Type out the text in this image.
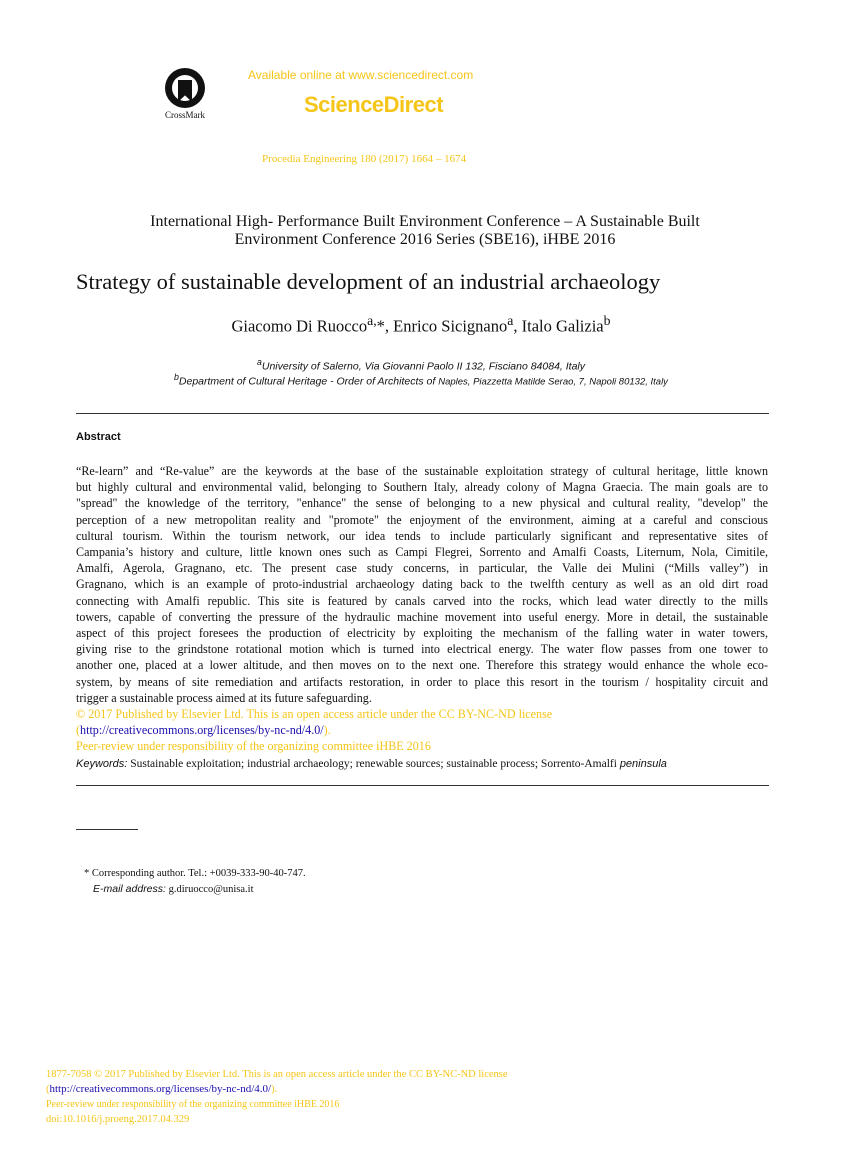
CrossMark
Available online at www.sciencedirect.com
ScienceDirect
Procedia Engineering 180 (2017) 1664 – 1674
International High- Performance Built Environment Conference – A Sustainable Built
Environment Conference 2016 Series (SBE16), iHBE 2016
Strategy of sustainable development of an industrial archaeology
Giacomo Di Ruocco$^{a,}$*, Enrico Sicignano$^a$, Italo Galizia$^b$
$^a$University of Salerno, Via Giovanni Paolo II 132, Fisciano 84084, Italy
$^b$Department of Cultural Heritage - Order of Architects of Naples, Piazzetta Matilde Serao, 7, Napoli 80132, Italy
Abstract
“Re-learn” and “Re-value” are the keywords at the base of the sustainable exploitation strategy of cultural heritage, little known
but highly cultural and environmental valid, belonging to Southern Italy, already colony of Magna Graecia. The main goals are to
"spread" the knowledge of the territory, "enhance" the sense of belonging to a new physical and cultural reality, "develop" the
perception of a new metropolitan reality and "promote" the enjoyment of the environment, aiming at a careful and conscious
cultural tourism. Within the tourism network, our idea tends to include particularly significant and representative sites of
Campania’s history and culture, little known ones such as Campi Flegrei, Sorrento and Amalfi Coasts, Liternum, Nola, Cimitile,
Amalfi, Agerola, Gragnano, etc. The present case study concerns, in particular, the Valle dei Mulini (“Mills valley”) in
Gragnano, which is an example of proto-industrial archaeology dating back to the twelfth century as well as an old dirt road
connecting with Amalfi republic. This site is featured by canals carved into the rocks, which lead water directly to the mills
towers, capable of converting the pressure of the hydraulic machine movement into useful energy. More in detail, the sustainable
aspect of this project foresees the production of electricity by exploiting the mechanism of the falling water in water towers,
giving rise to the grindstone rotational motion which is turned into electrical energy. The water flow passes from one tower to
another one, placed at a lower altitude, and then moves on to the next one. Therefore this strategy would enhance the whole eco-
system, by means of site remediation and artifacts restoration, in order to place this resort in the tourism / hospitality circuit and
trigger a sustainable process aimed at its future safeguarding.
© 2017 Published by Elsevier Ltd. This is an open access article under the CC BY-NC-ND license
(http://creativecommons.org/licenses/by-nc-nd/4.0/).
Peer-review under responsibility of the organizing committee iHBE 2016
Keywords: Sustainable exploitation; industrial archaeology; renewable sources; sustainable process; Sorrento-Amalfi peninsula
* Corresponding author. Tel.: +0039-333-90-40-747.
E-mail address: g.diruocco@unisa.it
1877-7058 © 2017 Published by Elsevier Ltd. This is an open access article under the CC BY-NC-ND license
(http://creativecommons.org/licenses/by-nc-nd/4.0/).
Peer-review under responsibility of the organizing committee iHBE 2016
doi:10.1016/j.proeng.2017.04.329
